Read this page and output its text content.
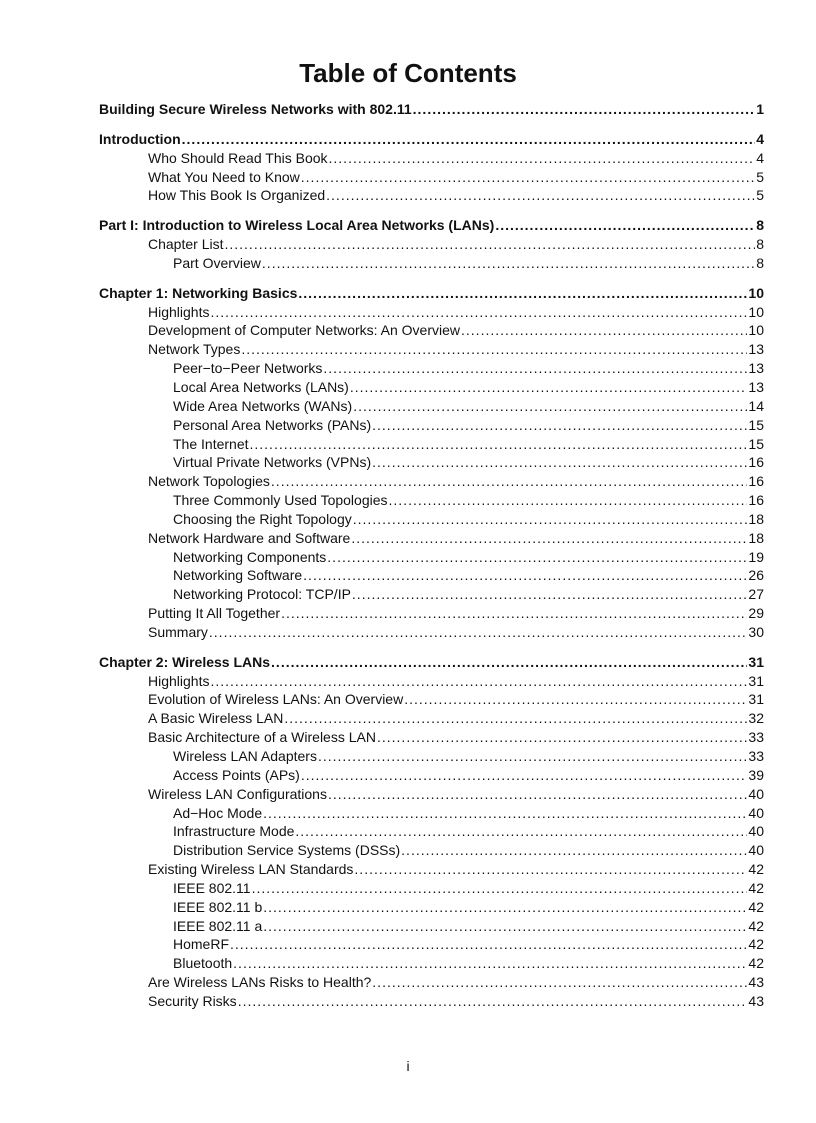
Table of Contents
Building Secure Wireless Networks with 802.11 .....	1
Introduction .....	4
Who Should Read This Book .....	4
What You Need to Know .....	5
How This Book Is Organized .....	5
Part I: Introduction to Wireless Local Area Networks (LANs) .....	8
Chapter List .....	8
Part Overview .....	8
Chapter 1: Networking Basics .....	10
Highlights .....	10
Development of Computer Networks: An Overview .....	10
Network Types .....	13
Peer−to−Peer Networks .....	13
Local Area Networks (LANs) .....	13
Wide Area Networks (WANs) .....	14
Personal Area Networks (PANs) .....	15
The Internet .....	15
Virtual Private Networks (VPNs) .....	16
Network Topologies .....	16
Three Commonly Used Topologies .....	16
Choosing the Right Topology .....	18
Network Hardware and Software .....	18
Networking Components .....	19
Networking Software .....	26
Networking Protocol: TCP/IP .....	27
Putting It All Together .....	29
Summary .....	30
Chapter 2: Wireless LANs .....	31
Highlights .....	31
Evolution of Wireless LANs: An Overview .....	31
A Basic Wireless LAN .....	32
Basic Architecture of a Wireless LAN .....	33
Wireless LAN Adapters .....	33
Access Points (APs) .....	39
Wireless LAN Configurations .....	40
Ad−Hoc Mode .....	40
Infrastructure Mode .....	40
Distribution Service Systems (DSSs) .....	40
Existing Wireless LAN Standards .....	42
IEEE 802.11 .....	42
IEEE 802.11 b .....	42
IEEE 802.11 a .....	42
HomeRF .....	42
Bluetooth .....	42
Are Wireless LANs Risks to Health? .....	43
Security Risks .....	43
i
